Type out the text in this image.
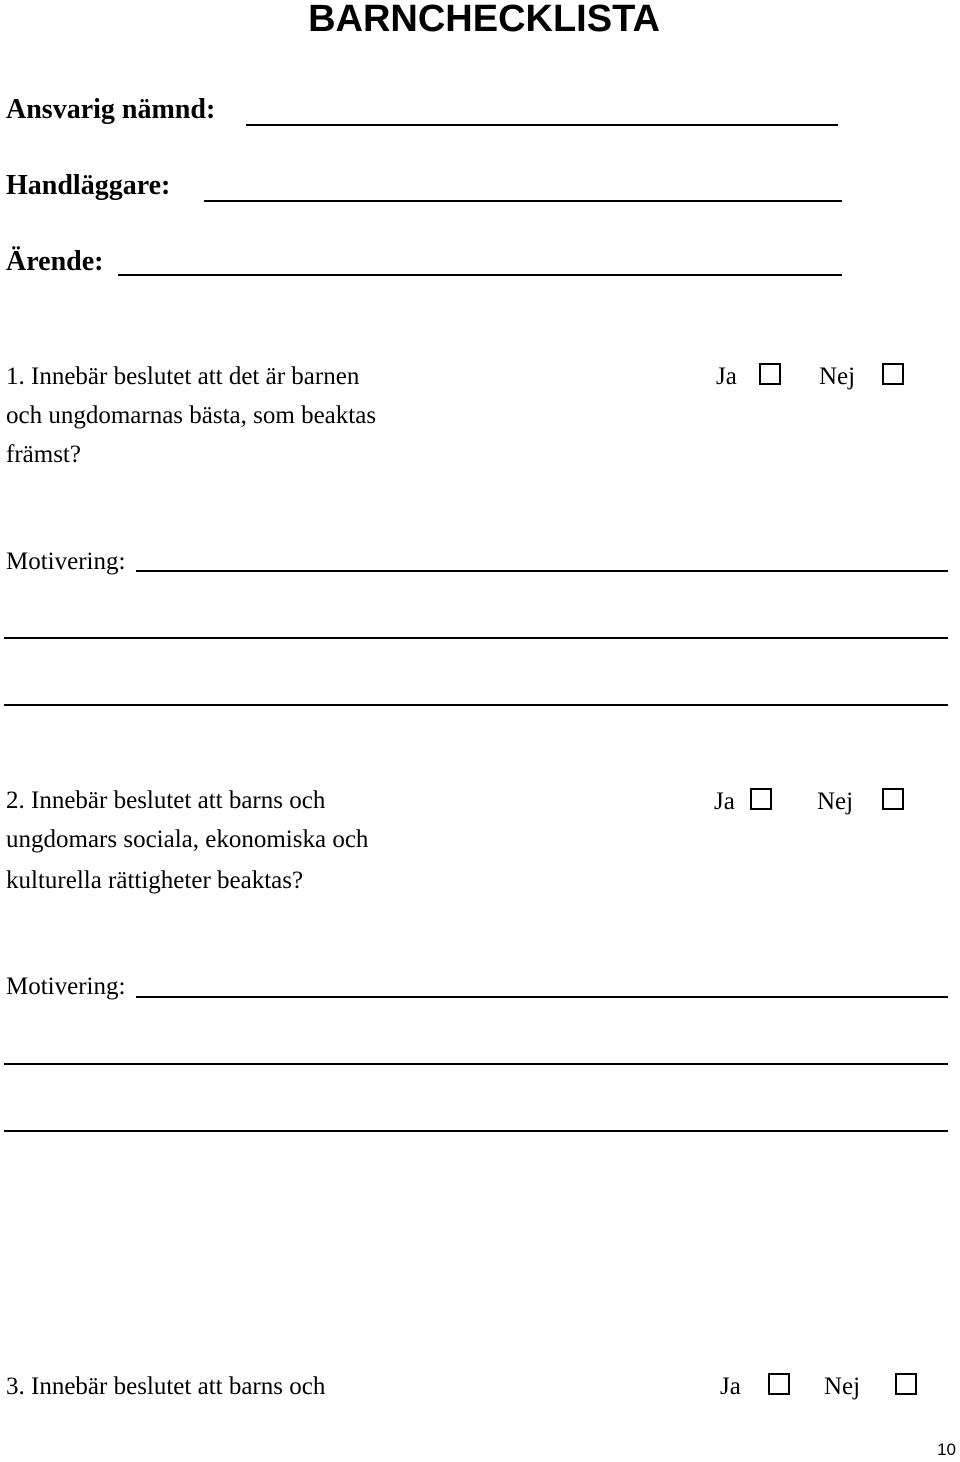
BARNCHECKLISTA
Ansvarig nämnd:
Handläggare:
Ärende:
1. Innebär beslutet att det är barnen
och ungdomarnas bästa, som beaktas
främst?
Ja	Nej
Motivering:
2. Innebär beslutet att barns och
ungdomars sociala, ekonomiska och
kulturella rättigheter beaktas?
Ja	Nej
Motivering:
3. Innebär beslutet att barns och	Ja	Nej
10
